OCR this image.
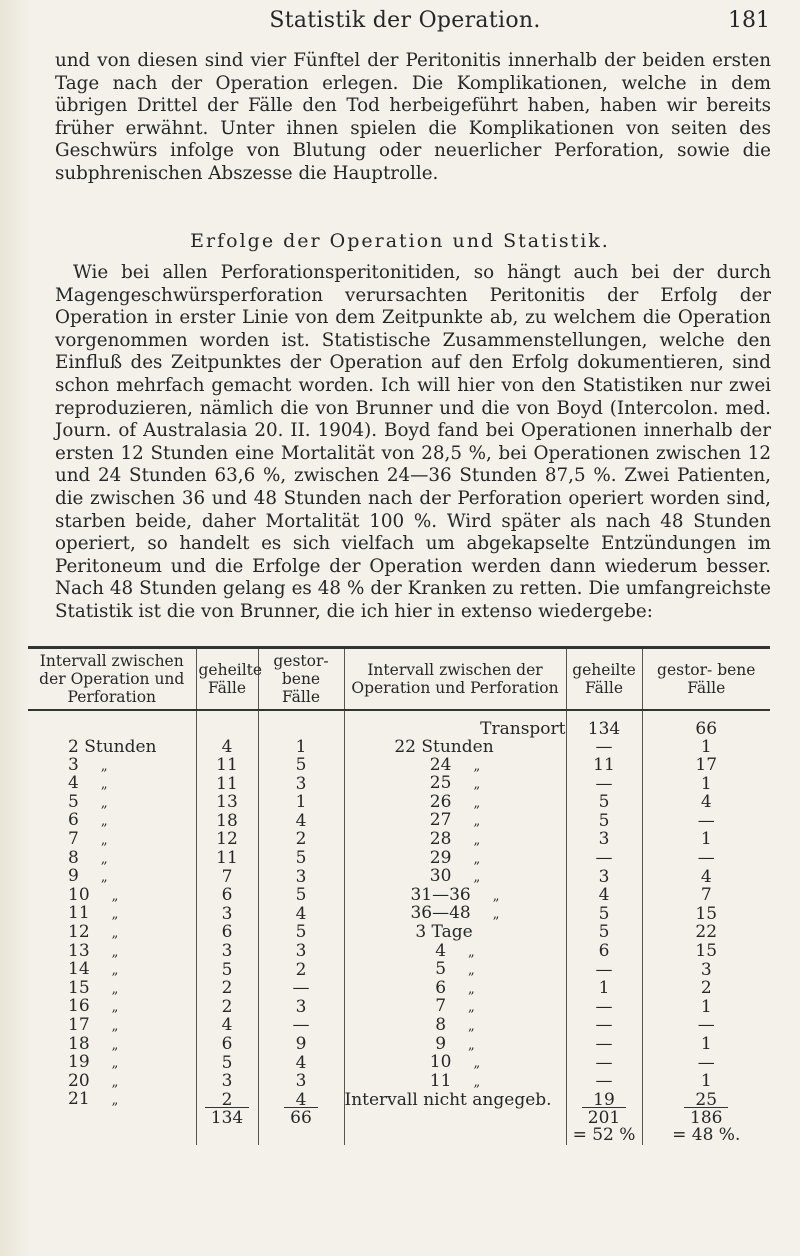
Statistik der Operation.	181
und von diesen sind vier Fünftel der Peritonitis innerhalb der beiden ersten Tage nach der Operation erlegen. Die Komplikationen, welche in dem übrigen Drittel der Fälle den Tod herbeigeführt haben, haben wir bereits früher erwähnt. Unter ihnen spielen die Komplikationen von seiten des Geschwürs infolge von Blutung oder neuerlicher Perforation, sowie die subphrenischen Abszesse die Hauptrolle.
Erfolge der Operation und Statistik.
Wie bei allen Perforationsperitonitiden, so hängt auch bei der durch Magengeschwürsperforation verursachten Peritonitis der Erfolg der Operation in erster Linie von dem Zeitpunkte ab, zu welchem die Operation vorgenommen worden ist. Statistische Zusammenstellungen, welche den Einfluß des Zeitpunktes der Operation auf den Erfolg dokumentieren, sind schon mehrfach gemacht worden. Ich will hier von den Statistiken nur zwei reproduzieren, nämlich die von Brunner und die von Boyd (Intercolon. med. Journ. of Australasia 20. II. 1904). Boyd fand bei Operationen innerhalb der ersten 12 Stunden eine Mortalität von 28,5 %, bei Operationen zwischen 12 und 24 Stunden 63,6 %, zwischen 24—36 Stunden 87,5 %. Zwei Patienten, die zwischen 36 und 48 Stunden nach der Perforation operiert worden sind, starben beide, daher Mortalität 100 %. Wird später als nach 48 Stunden operiert, so handelt es sich vielfach um abgekapselte Entzündungen im Peritoneum und die Erfolge der Operation werden dann wiederum besser. Nach 48 Stunden gelang es 48 % der Kranken zu retten. Die umfangreichste Statistik ist die von Brunner, die ich hier in extenso wiedergebe:
Intervall zwischen der Operation und Perforation	geheilte Fälle	gestor- bene Fälle	Intervall zwischen der Operation und Perforation	geheilte Fälle	gestor- bene Fälle
			Transport	134	66
2 Stunden	4	1	22 Stunden	—	1
3 „	11	5	24 „	11	17
4 „	11	3	25 „	—	1
5 „	13	1	26 „	5	4
6 „	18	4	27 „	5	—
7 „	12	2	28 „	3	1
8 „	11	5	29 „	—	—
9 „	7	3	30 „	3	4
10 „	6	5	31—36 „	4	7
11 „	3	4	36—48 „	5	15
12 „	6	5	3 Tage	5	22
13 „	3	3	4 „	6	15
14 „	5	2	5 „	—	3
15 „	2	—	6 „	1	2
16 „	2	3	7 „	—	1
17 „	4	—	8 „	—	—
18 „	6	9	9 „	—	1
19 „	5	4	10 „	—	—
20 „	3	3	11 „	—	1
21 „	2	4	Intervall nicht angegeb.	19	25
	134	66		201	186
				= 52 %	= 48 %.
